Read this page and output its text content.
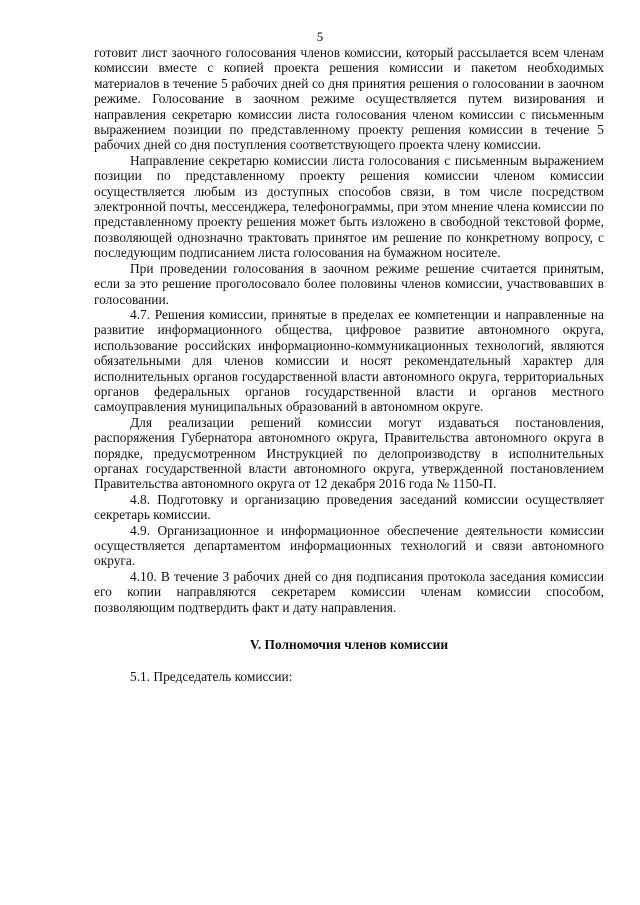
5

готовит лист заочного голосования членов комиссии, который рассылается всем членам комиссии вместе с копией проекта решения комиссии и пакетом необходимых материалов в течение 5 рабочих дней со дня принятия решения о голосовании в заочном режиме. Голосование в заочном режиме осуществляется путем визирования и направления секретарю комиссии листа голосования членом комиссии с письменным выражением позиции по представленному проекту решения комиссии в течение 5 рабочих дней со дня поступления соответствующего проекта члену комиссии.

Направление секретарю комиссии листа голосования с письменным выражением позиции по представленному проекту решения комиссии членом комиссии осуществляется любым из доступных способов связи, в том числе посредством электронной почты, мессенджера, телефонограммы, при этом мнение члена комиссии по представленному проекту решения может быть изложено в свободной текстовой форме, позволяющей однозначно трактовать принятое им решение по конкретному вопросу, с последующим подписанием листа голосования на бумажном носителе.

При проведении голосования в заочном режиме решение считается принятым, если за это решение проголосовало более половины членов комиссии, участвовавших в голосовании.

4.7. Решения комиссии, принятые в пределах ее компетенции и направленные на развитие информационного общества, цифровое развитие автономного округа, использование российских информационно-коммуникационных технологий, являются обязательными для членов комиссии и носят рекомендательный характер для исполнительных органов государственной власти автономного округа, территориальных органов федеральных органов государственной власти и органов местного самоуправления муниципальных образований в автономном округе.

Для реализации решений комиссии могут издаваться постановления, распоряжения Губернатора автономного округа, Правительства автономного округа в порядке, предусмотренном Инструкцией по делопроизводству в исполнительных органах государственной власти автономного округа, утвержденной постановлением Правительства автономного округа от 12 декабря 2016 года № 1150-П.

4.8. Подготовку и организацию проведения заседаний комиссии осуществляет секретарь комиссии.

4.9. Организационное и информационное обеспечение деятельности комиссии осуществляется департаментом информационных технологий и связи автономного округа.

4.10. В течение 3 рабочих дней со дня подписания протокола заседания комиссии его копии направляются секретарем комиссии членам комиссии способом, позволяющим подтвердить факт и дату направления.

V. Полномочия членов комиссии

5.1. Председатель комиссии:
